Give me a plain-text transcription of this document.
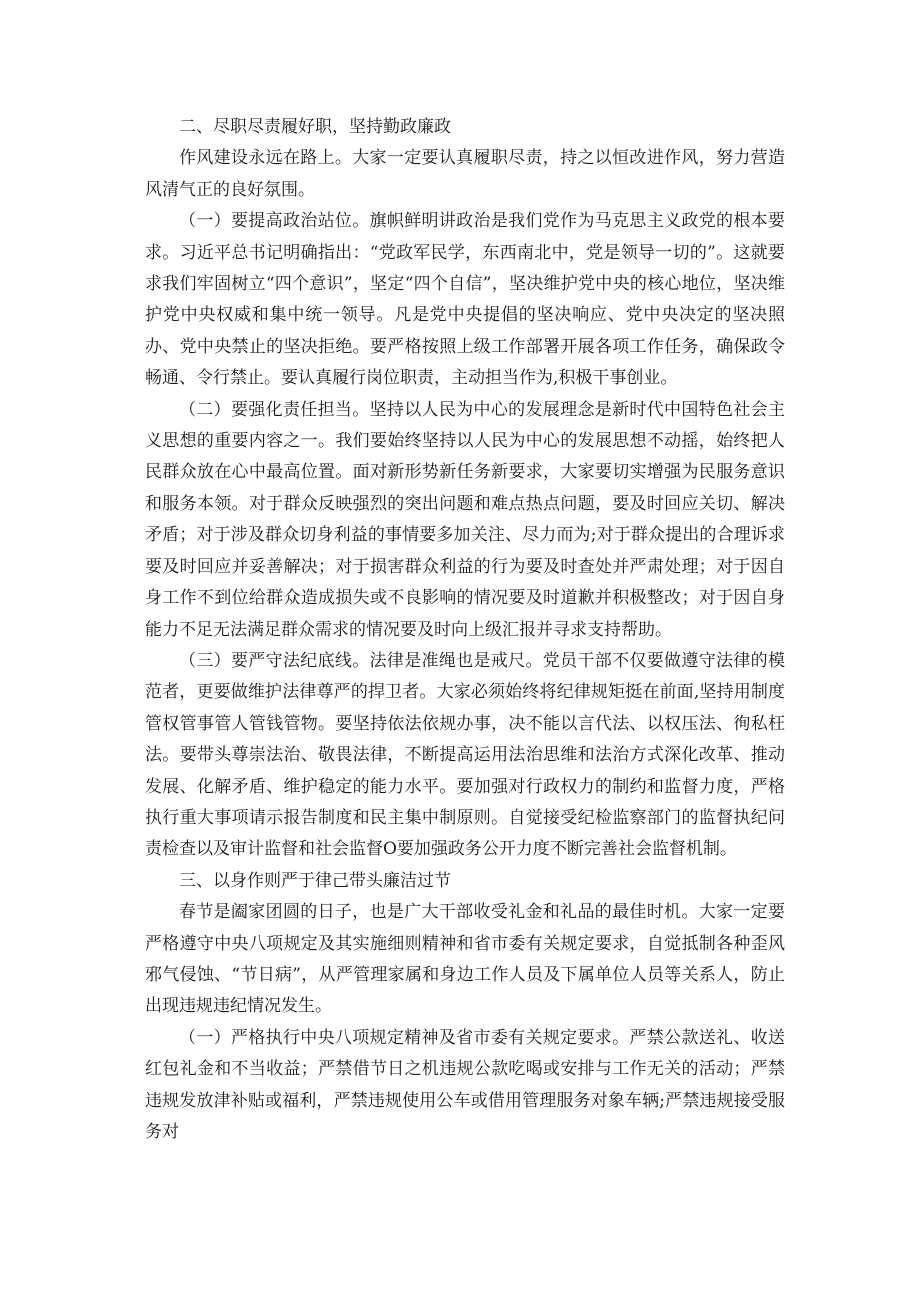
二、尽职尽责履好职，坚持勤政廉政

作风建设永远在路上。大家一定要认真履职尽责，持之以恒改进作风，努力营造风清气正的良好氛围。

（一）要提高政治站位。旗帜鲜明讲政治是我们党作为马克思主义政党的根本要求。习近平总书记明确指出：“党政军民学，东西南北中，党是领导一切的”。这就要求我们牢固树立“四个意识”，坚定“四个自信”，坚决维护党中央的核心地位，坚决维护党中央权威和集中统一领导。凡是党中央提倡的坚决响应、党中央决定的坚决照办、党中央禁止的坚决拒绝。要严格按照上级工作部署开展各项工作任务，确保政令畅通、令行禁止。要认真履行岗位职责，主动担当作为,积极干事创业。

（二）要强化责任担当。坚持以人民为中心的发展理念是新时代中国特色社会主义思想的重要内容之一。我们要始终坚持以人民为中心的发展思想不动摇，始终把人民群众放在心中最高位置。面对新形势新任务新要求，大家要切实增强为民服务意识和服务本领。对于群众反映强烈的突出问题和难点热点问题，要及时回应关切、解决矛盾；对于涉及群众切身利益的事情要多加关注、尽力而为;对于群众提出的合理诉求要及时回应并妥善解决；对于损害群众利益的行为要及时查处并严肃处理；对于因自身工作不到位给群众造成损失或不良影响的情况要及时道歉并积极整改；对于因自身能力不足无法满足群众需求的情况要及时向上级汇报并寻求支持帮助。

（三）要严守法纪底线。法律是准绳也是戒尺。党员干部不仅要做遵守法律的模范者，更要做维护法律尊严的捍卫者。大家必须始终将纪律规矩挺在前面,坚持用制度管权管事管人管钱管物。要坚持依法依规办事，决不能以言代法、以权压法、徇私枉法。要带头尊崇法治、敬畏法律，不断提高运用法治思维和法治方式深化改革、推动发展、化解矛盾、维护稳定的能力水平。要加强对行政权力的制约和监督力度，严格执行重大事项请示报告制度和民主集中制原则。自觉接受纪检监察部门的监督执纪问责检查以及审计监督和社会监督O要加强政务公开力度不断完善社会监督机制。

三、以身作则严于律己带头廉洁过节

春节是阖家团圆的日子，也是广大干部收受礼金和礼品的最佳时机。大家一定要严格遵守中央八项规定及其实施细则精神和省市委有关规定要求，自觉抵制各种歪风邪气侵蚀、“节日病”，从严管理家属和身边工作人员及下属单位人员等关系人，防止出现违规违纪情况发生。

（一）严格执行中央八项规定精神及省市委有关规定要求。严禁公款送礼、收送红包礼金和不当收益；严禁借节日之机违规公款吃喝或安排与工作无关的活动；严禁违规发放津补贴或福利，严禁违规使用公车或借用管理服务对象车辆;严禁违规接受服务对
